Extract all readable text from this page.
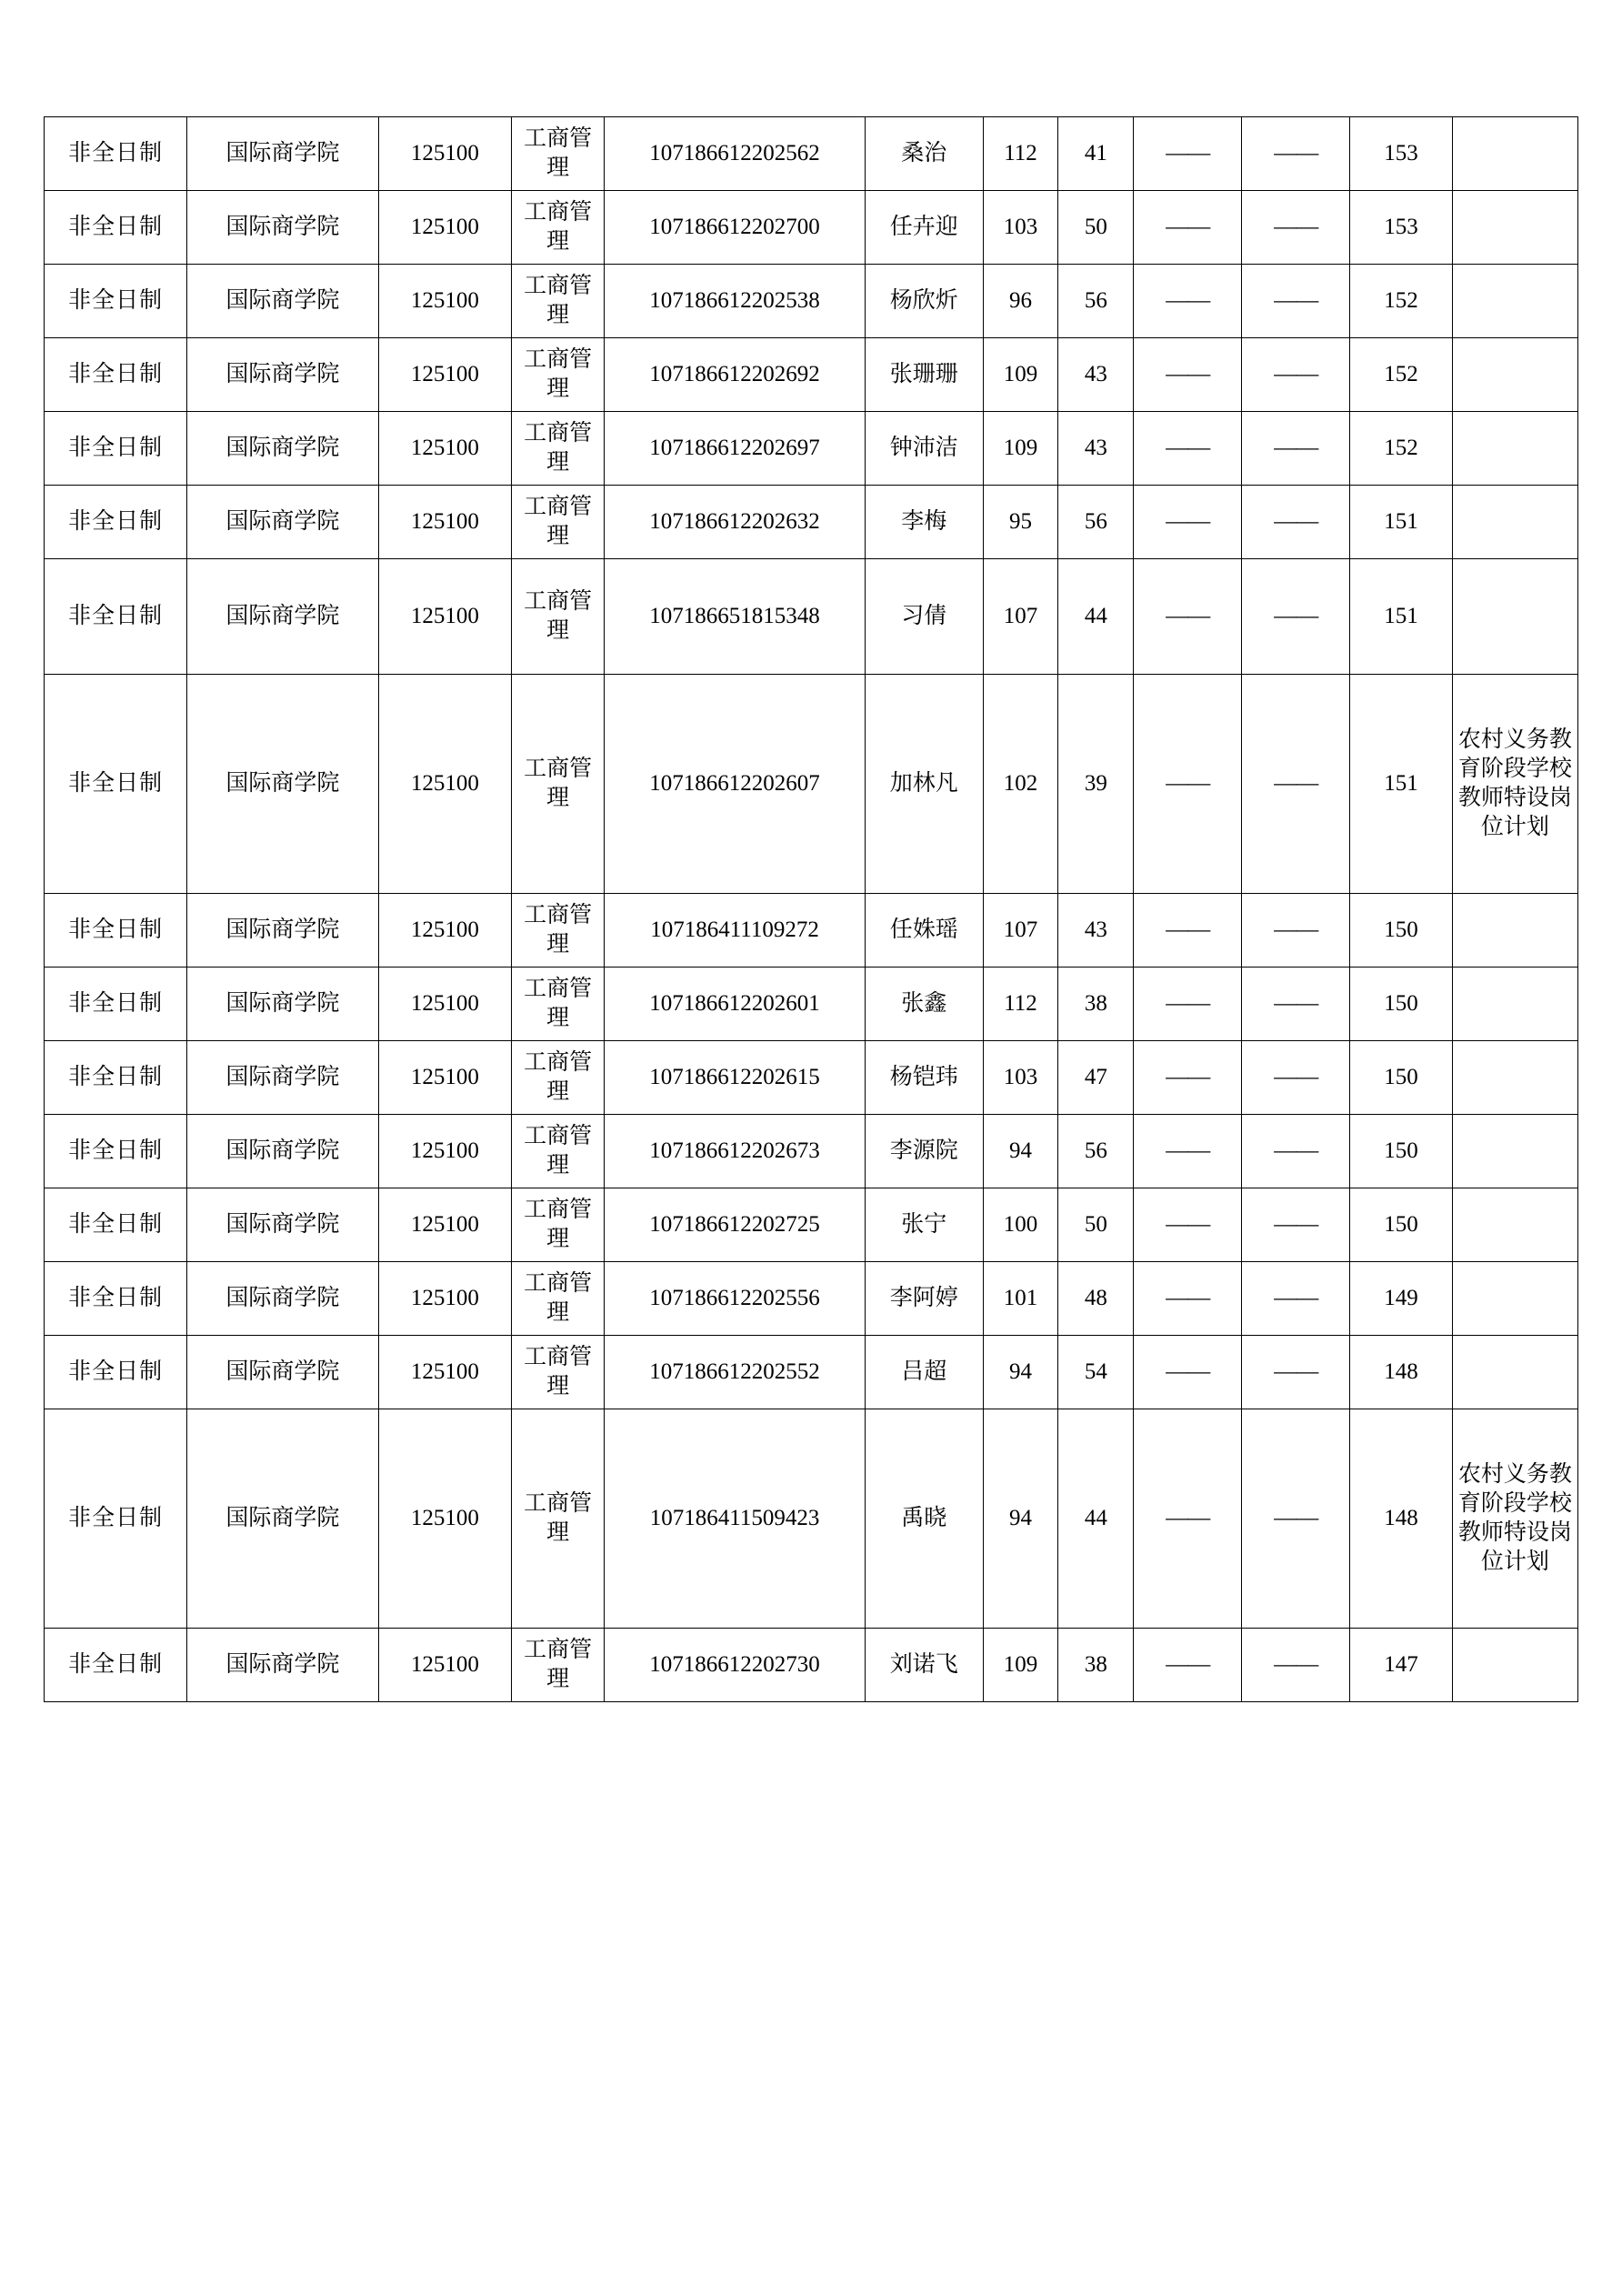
非全日制	国际商学院	125100	工商管理	107186612202562	桑治	112	41	——	——	153	
非全日制	国际商学院	125100	工商管理	107186612202700	任卉迎	103	50	——	——	153	
非全日制	国际商学院	125100	工商管理	107186612202538	杨欣炘	96	56	——	——	152	
非全日制	国际商学院	125100	工商管理	107186612202692	张珊珊	109	43	——	——	152	
非全日制	国际商学院	125100	工商管理	107186612202697	钟沛洁	109	43	——	——	152	
非全日制	国际商学院	125100	工商管理	107186612202632	李梅	95	56	——	——	151	
非全日制	国际商学院	125100	工商管理	107186651815348	习倩	107	44	——	——	151	
非全日制	国际商学院	125100	工商管理	107186612202607	加林凡	102	39	——	——	151	农村义务教育阶段学校教师特设岗位计划
非全日制	国际商学院	125100	工商管理	107186411109272	任姝瑶	107	43	——	——	150	
非全日制	国际商学院	125100	工商管理	107186612202601	张鑫	112	38	——	——	150	
非全日制	国际商学院	125100	工商管理	107186612202615	杨铠玮	103	47	——	——	150	
非全日制	国际商学院	125100	工商管理	107186612202673	李源院	94	56	——	——	150	
非全日制	国际商学院	125100	工商管理	107186612202725	张宁	100	50	——	——	150	
非全日制	国际商学院	125100	工商管理	107186612202556	李阿婷	101	48	——	——	149	
非全日制	国际商学院	125100	工商管理	107186612202552	吕超	94	54	——	——	148	
非全日制	国际商学院	125100	工商管理	107186411509423	禹晓	94	44	——	——	148	农村义务教育阶段学校教师特设岗位计划
非全日制	国际商学院	125100	工商管理	107186612202730	刘诺飞	109	38	——	——	147	
